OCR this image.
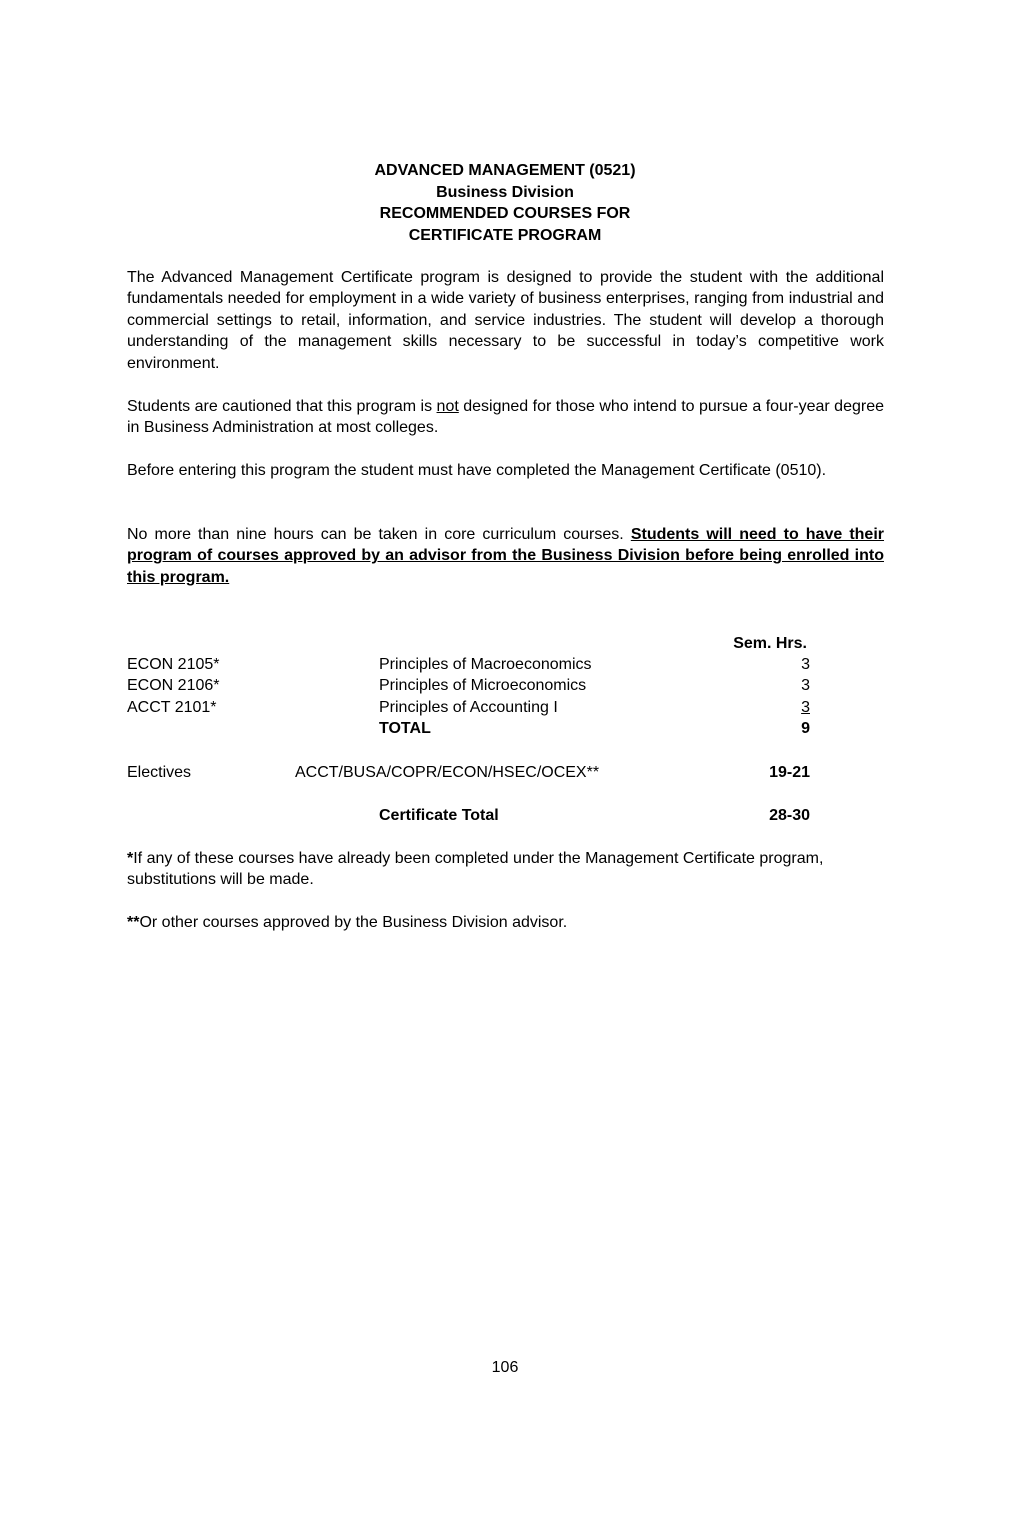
ADVANCED MANAGEMENT (0521)
Business Division
RECOMMENDED COURSES FOR
CERTIFICATE PROGRAM

The Advanced Management Certificate program is designed to provide the student with the additional fundamentals needed for employment in a wide variety of business enterprises, ranging from industrial and commercial settings to retail, information, and service industries. The student will develop a thorough understanding of the management skills necessary to be successful in today’s competitive work environment.

Students are cautioned that this program is not designed for those who intend to pursue a four-year degree in Business Administration at most colleges.

Before entering this program the student must have completed the Management Certificate (0510).

No more than nine hours can be taken in core curriculum courses. Students will need to have their program of courses approved by an advisor from the Business Division before being enrolled into this program.

Sem. Hrs.
ECON 2105*	Principles of Macroeconomics	3
ECON 2106*	Principles of Microeconomics	3
ACCT 2101*	Principles of Accounting I	3
TOTAL	9
Electives	ACCT/BUSA/COPR/ECON/HSEC/OCEX**	19-21
Certificate Total	28-30

*If any of these courses have already been completed under the Management Certificate program, substitutions will be made.

**Or other courses approved by the Business Division advisor.

106
